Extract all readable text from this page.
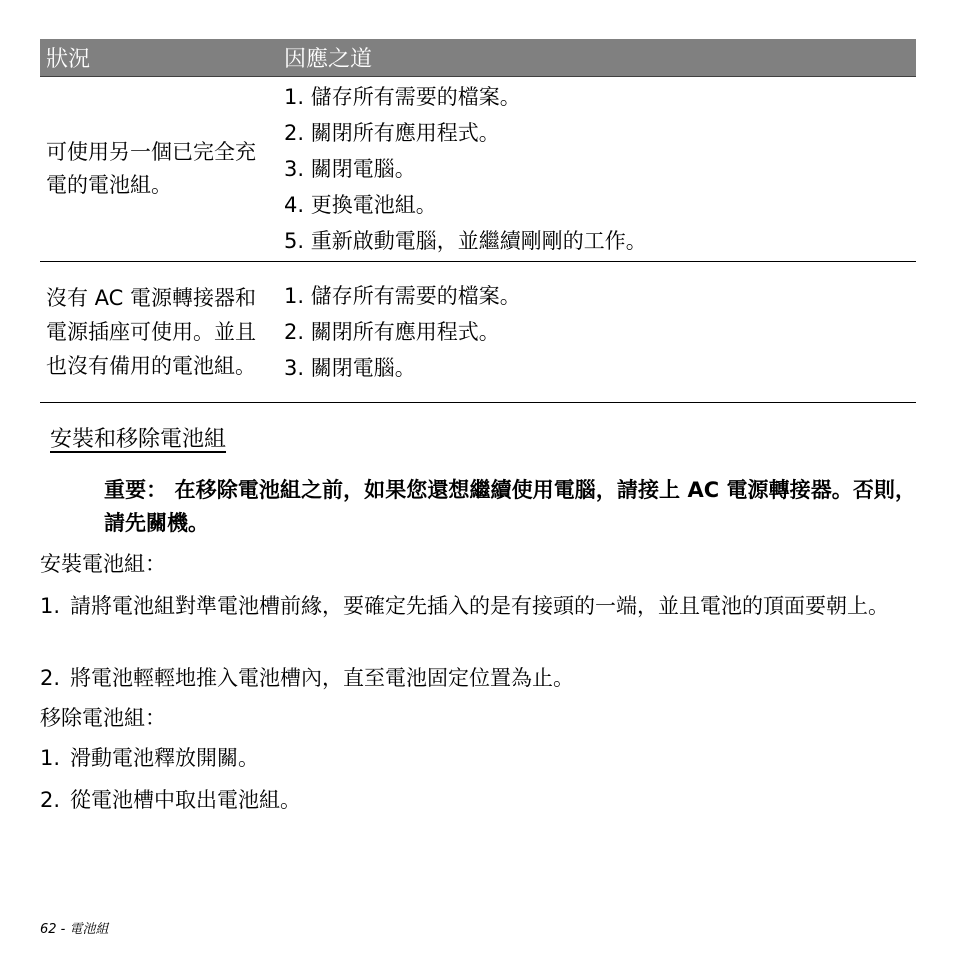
狀況	因應之道
可使用另一個已完全充電的電池組。
1. 儲存所有需要的檔案。
2. 關閉所有應用程式。
3. 關閉電腦。
4. 更換電池組。
5. 重新啟動電腦，並繼續剛剛的工作。
沒有 AC 電源轉接器和電源插座可使用。並且也沒有備用的電池組。
1. 儲存所有需要的檔案。
2. 關閉所有應用程式。
3. 關閉電腦。
安裝和移除電池組
重要： 在移除電池組之前，如果您還想繼續使用電腦，請接上 AC 電源轉接器。否則，請先關機。
安裝電池組：
1. 請將電池組對準電池槽前緣，要確定先插入的是有接頭的一端，並且電池的頂面要朝上。
2. 將電池輕輕地推入電池槽內，直至電池固定位置為止。
移除電池組：
1. 滑動電池釋放開關。
2. 從電池槽中取出電池組。
62 - 電池組
